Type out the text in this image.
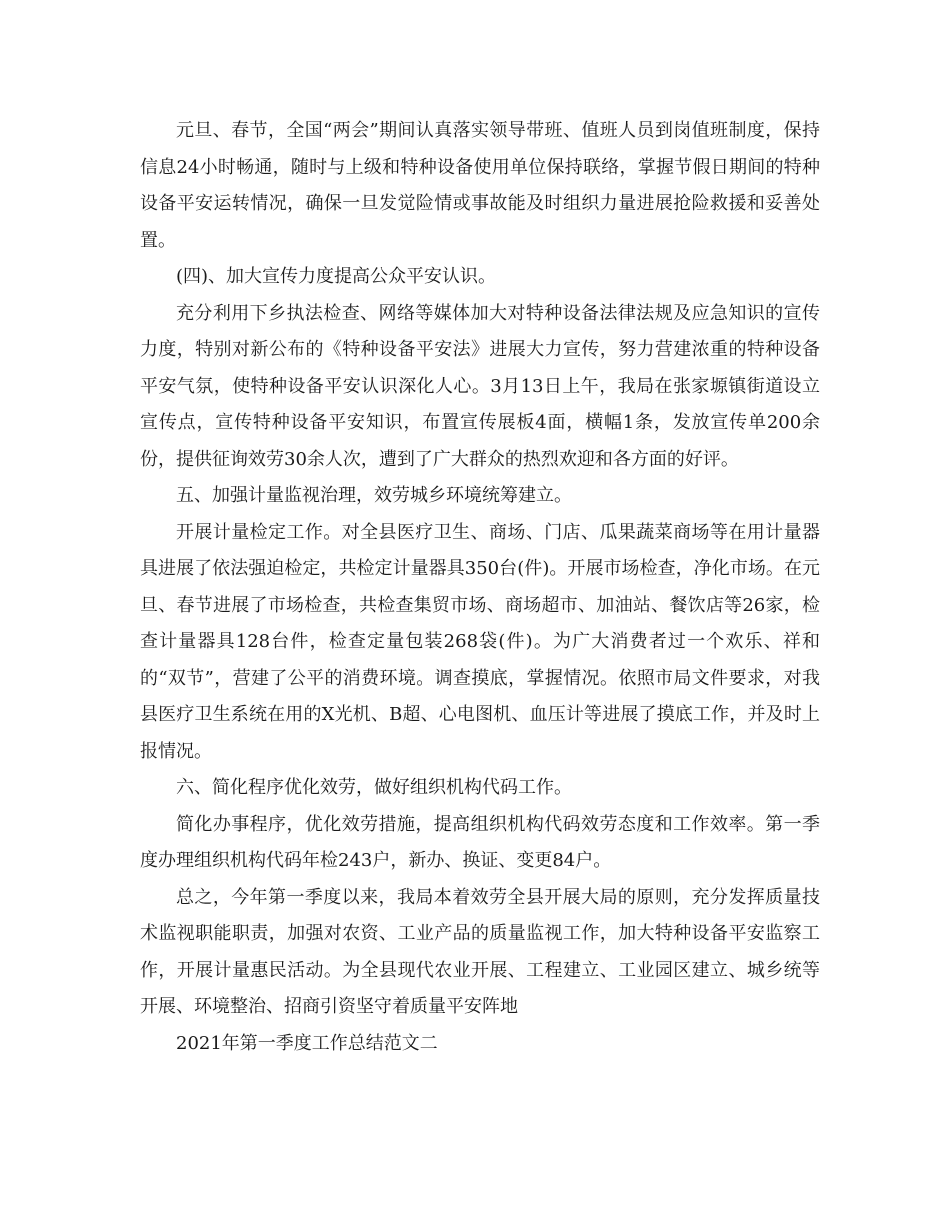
元旦、春节，全国“两会”期间认真落实领导带班、值班人员到岗值班制度，保持信息24小时畅通，随时与上级和特种设备使用单位保持联络，掌握节假日期间的特种设备平安运转情况，确保一旦发觉险情或事故能及时组织力量进展抢险救援和妥善处置。

(四)、加大宣传力度提高公众平安认识。

充分利用下乡执法检查、网络等媒体加大对特种设备法律法规及应急知识的宣传力度，特别对新公布的《特种设备平安法》进展大力宣传，努力营建浓重的特种设备平安气氛，使特种设备平安认识深化人心。3月13日上午，我局在张家塬镇街道设立宣传点，宣传特种设备平安知识，布置宣传展板4面，横幅1条，发放宣传单200余份，提供征询效劳30余人次，遭到了广大群众的热烈欢迎和各方面的好评。

五、加强计量监视治理，效劳城乡环境统筹建立。

开展计量检定工作。对全县医疗卫生、商场、门店、瓜果蔬菜商场等在用计量器具进展了依法强迫检定，共检定计量器具350台(件)。开展市场检查，净化市场。在元旦、春节进展了市场检查，共检查集贸市场、商场超市、加油站、餐饮店等26家，检查计量器具128台件，检查定量包装268袋(件)。为广大消费者过一个欢乐、祥和的“双节”，营建了公平的消费环境。调查摸底，掌握情况。依照市局文件要求，对我县医疗卫生系统在用的X光机、B超、心电图机、血压计等进展了摸底工作，并及时上报情况。

六、简化程序优化效劳，做好组织机构代码工作。

简化办事程序，优化效劳措施，提高组织机构代码效劳态度和工作效率。第一季度办理组织机构代码年检243户，新办、换证、变更84户。

总之，今年第一季度以来，我局本着效劳全县开展大局的原则，充分发挥质量技术监视职能职责，加强对农资、工业产品的质量监视工作，加大特种设备平安监察工作，开展计量惠民活动。为全县现代农业开展、工程建立、工业园区建立、城乡统等开展、环境整治、招商引资坚守着质量平安阵地

2021年第一季度工作总结范文二
